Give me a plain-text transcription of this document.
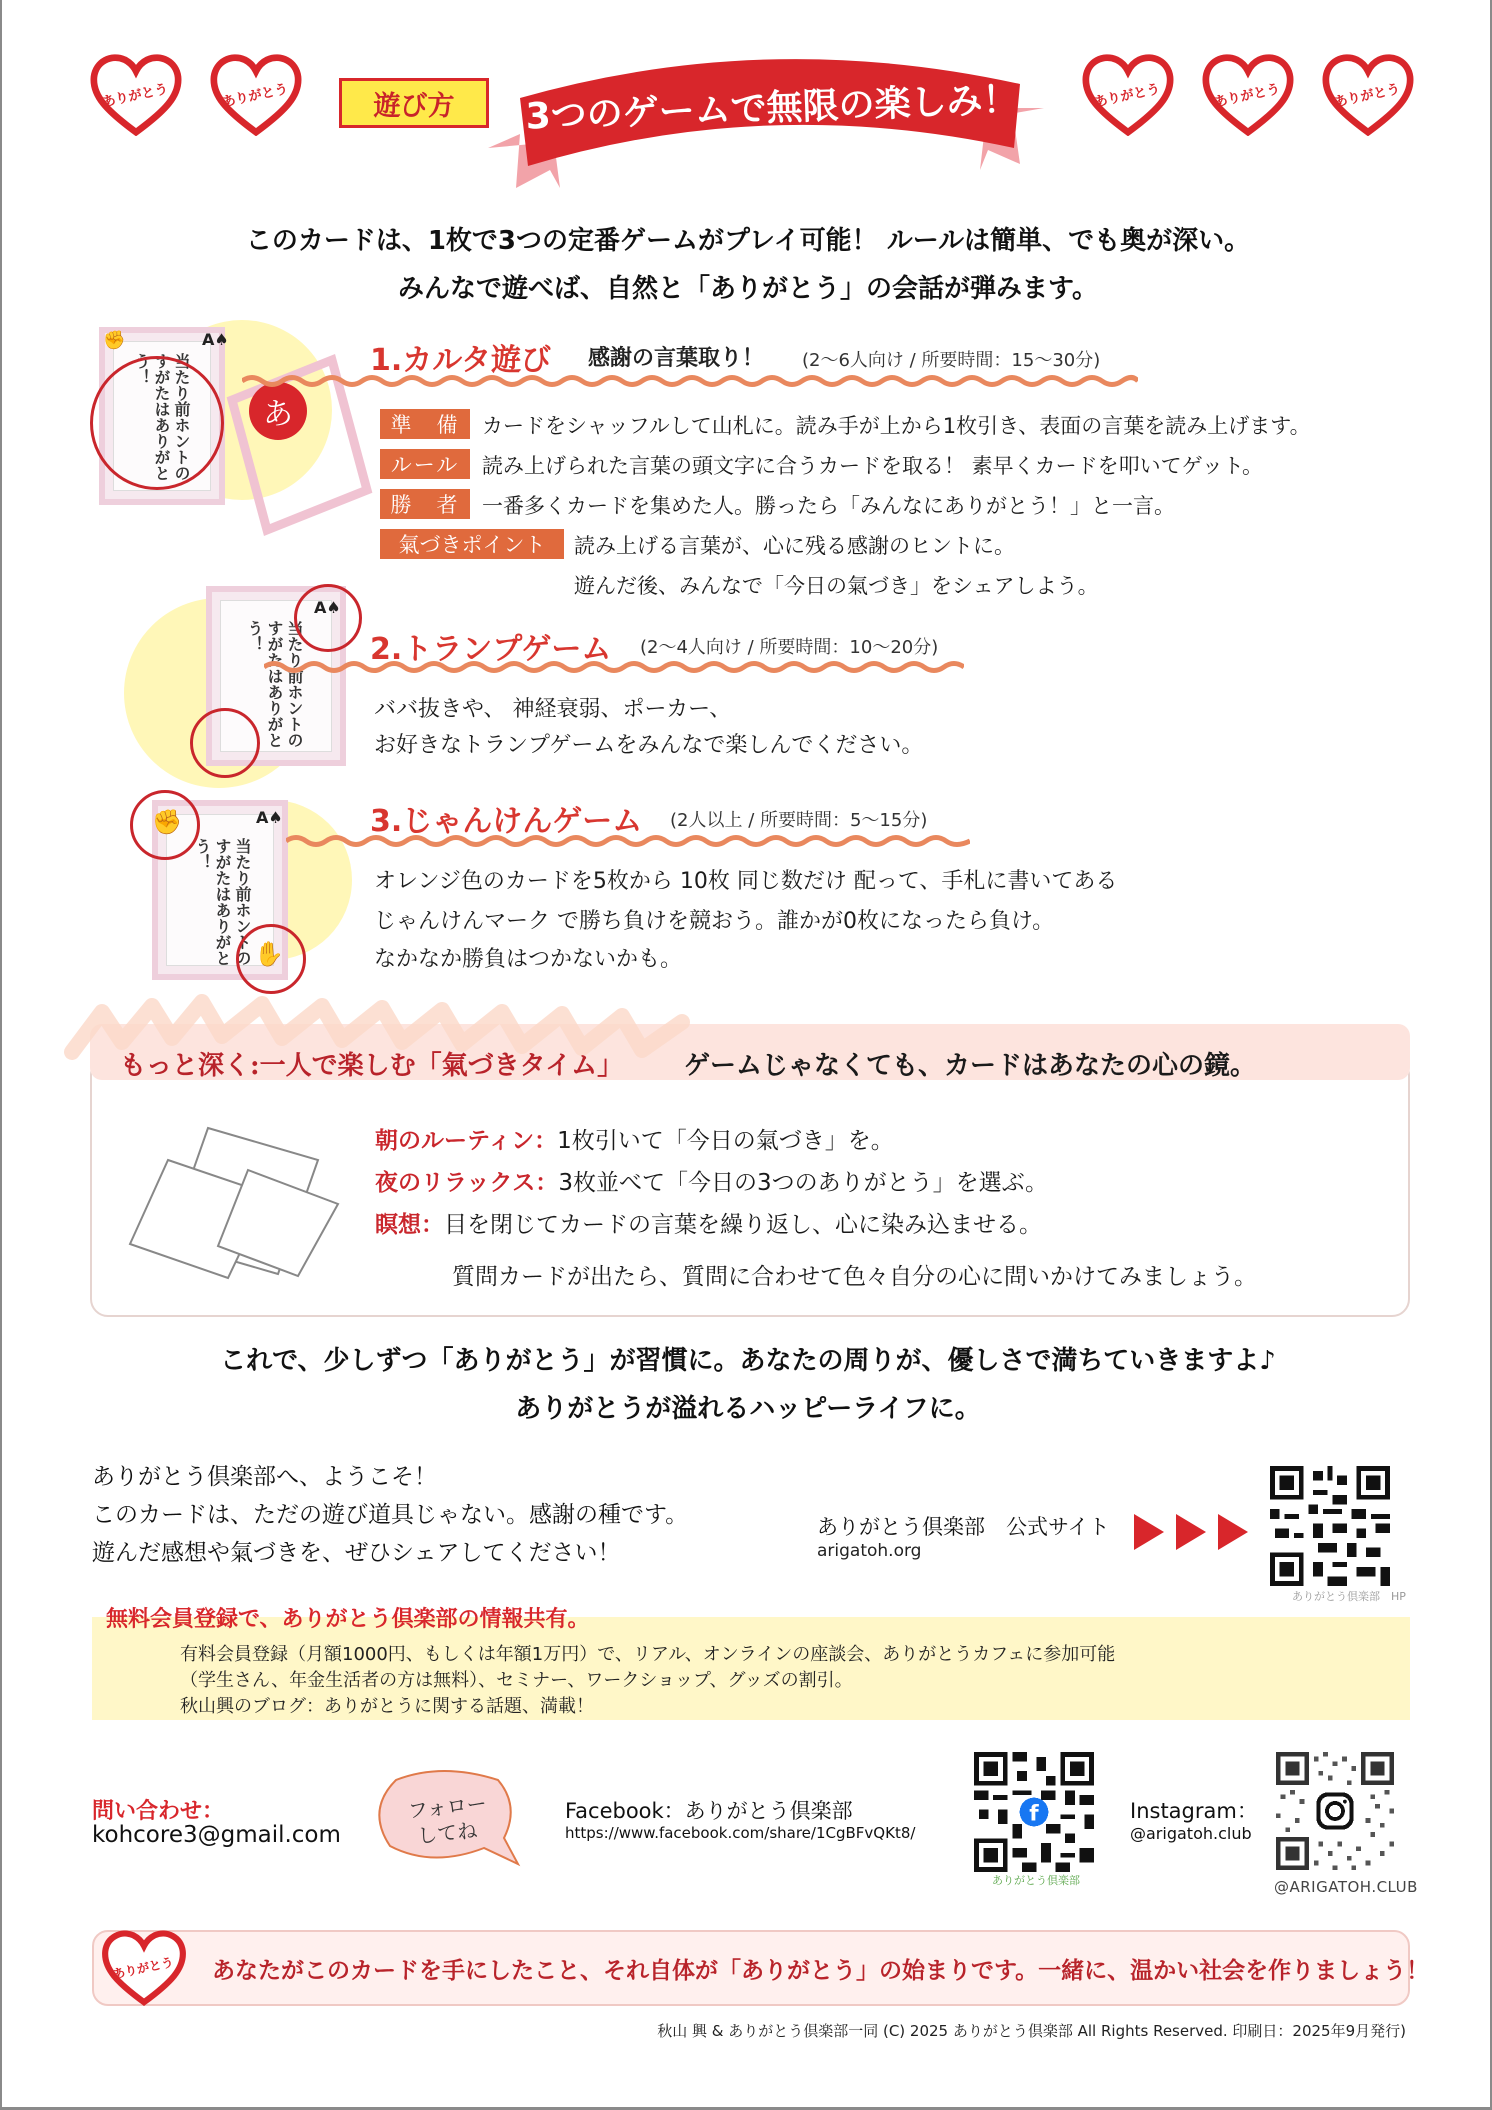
ありがとう	ありがとう	ありがとう	ありがとう	ありがとう
遊び方	3つのゲームで無限の楽しみ！
このカードは、1枚で3つの定番ゲームがプレイ可能！ ルールは簡単、でも奥が深い。
みんなで遊べば、自然と「ありがとう」の会話が弾みます。
当たり前ホントのすがたはありがとう！
✊	A♠
あ
1.カルタ遊び 感謝の言葉取り！ (2〜6人向け / 所要時間：15〜30分)
準　備	カードをシャッフルして山札に。読み手が上から1枚引き、表面の言葉を読み上げます。
ルール	読み上げられた言葉の頭文字に合うカードを取る！ 素早くカードを叩いてゲット。
勝　者	一番多くカードを集めた人。勝ったら「みんなにありがとう！」と一言。
氣づきポイント	読み上げる言葉が、心に残る感謝のヒントに。
遊んだ後、みんなで「今日の氣づき」をシェアしよう。
当たり前ホントのすがたはありがとう！
A♠
2.トランプゲーム (2〜4人向け / 所要時間：10〜20分)
ババ抜きや、 神経衰弱、ポーカー、
お好きなトランプゲームをみんなで楽しんでください。
当たり前ホントのすがたはありがとう！
A♠
✊
✋
3.じゃんけんゲーム (2人以上 / 所要時間：5〜15分)
オレンジ色のカードを5枚から 10枚 同じ数だけ 配って、手札に書いてある
じゃんけんマーク で勝ち負けを競おう。誰かが0枚になったら負け。
なかなか勝負はつかないかも。
もっと深く:一人で楽しむ「氣づきタイム」 ゲームじゃなくても、カードはあなたの心の鏡。
朝のルーティン：1枚引いて「今日の氣づき」を。
夜のリラックス：3枚並べて「今日の3つのありがとう」を選ぶ。
瞑想：目を閉じてカードの言葉を繰り返し、心に染み込ませる。
質問カードが出たら、質問に合わせて色々自分の心に問いかけてみましょう。
これで、少しずつ「ありがとう」が習慣に。あなたの周りが、優しさで満ちていきますよ♪
ありがとうが溢れるハッピーライフに。
ありがとう倶楽部へ、ようこそ！
このカードは、ただの遊び道具じゃない。感謝の種です。
遊んだ感想や氣づきを、ぜひシェアしてください！
ありがとう倶楽部　公式サイト
arigatoh.org
ありがとう倶楽部　HP
無料会員登録で、ありがとう倶楽部の情報共有。
有料会員登録（月額1000円、もしくは年額1万円）で、リアル、オンラインの座談会、ありがとうカフェに参加可能
（学生さん、年金生活者の方は無料）、セミナー、ワークショップ、グッズの割引。
秋山興のブログ：ありがとうに関する話題、満載！
問い合わせ：
kohcore3@gmail.com
フォロー
してね
Facebook：ありがとう倶楽部
https://www.facebook.com/share/1CgBFvQKt8/
f
ありがとう倶楽部
Instagram：
@arigatoh.club
@ARIGATOH.CLUB
ありがとう あなたがこのカードを手にしたこと、それ自体が「ありがとう」の始まりです。一緒に、温かい社会を作りましょう！
秋山 興 & ありがとう倶楽部一同 (C) 2025 ありがとう倶楽部 All Rights Reserved. 印刷日：2025年9月発行)
